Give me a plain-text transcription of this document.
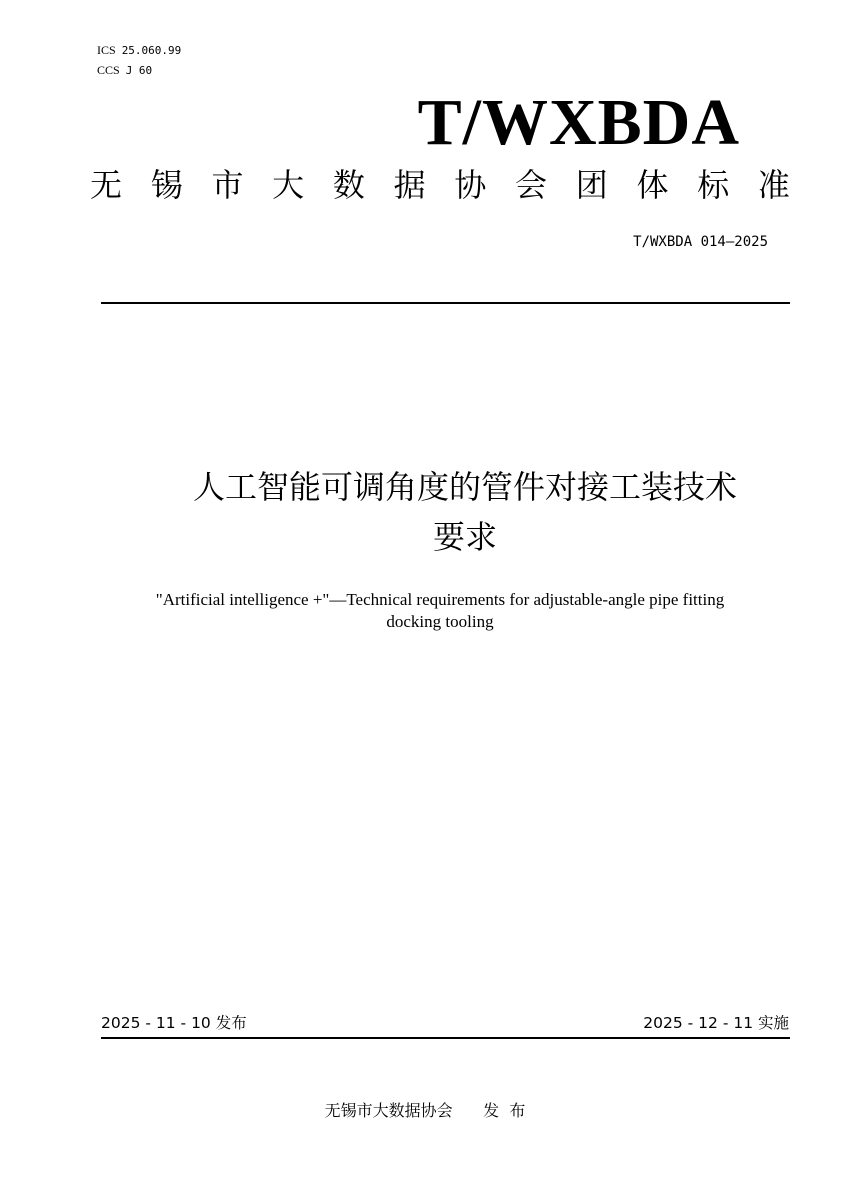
ICS 25.060.99
CCS J 60
T/WXBDA
无 锡 市 大 数 据 协 会 团 体 标 准
T/WXBDA 014—2025
人工智能可调角度的管件对接工装技术
要求
"Artificial intelligence +"—Technical requirements for adjustable-angle pipe fitting
docking tooling
2025 - 11 - 10 发布	2025 - 12 - 11 实施
无锡市大数据协会      发  布
